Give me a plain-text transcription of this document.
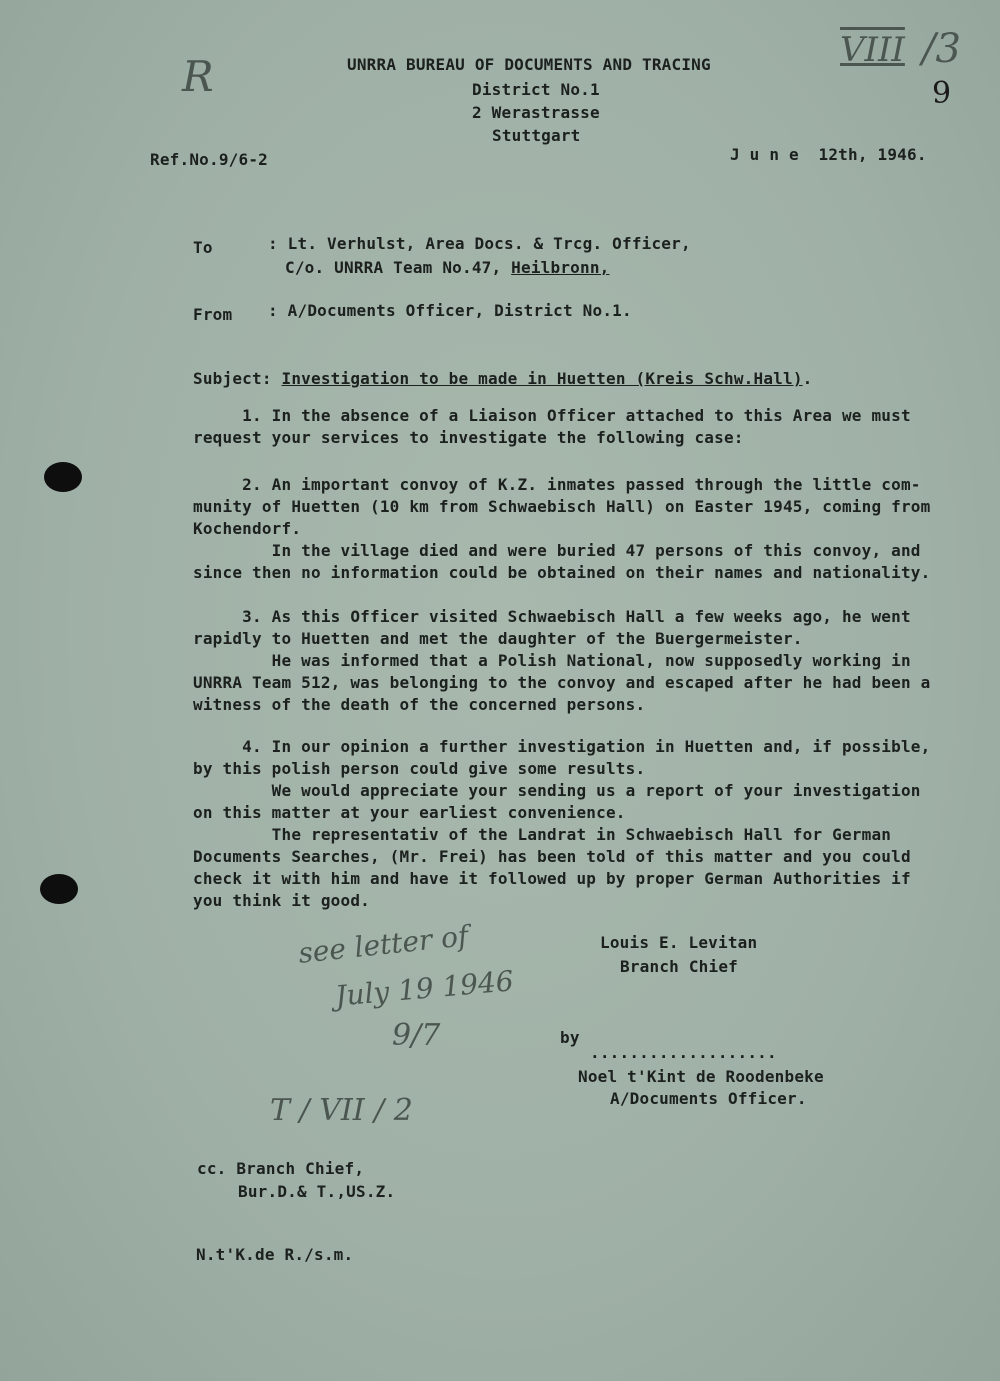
R
VIII /3
9
UNRRA BUREAU OF DOCUMENTS AND TRACING
District No.1
2 Werastrasse
Stuttgart
Ref.No.9/6-2	J u n e  12th, 1946.
To	: Lt. Verhulst, Area Docs. & Trcg. Officer,
C/o. UNRRA Team No.47, Heilbronn,
From : A/Documents Officer, District No.1.
Subject: Investigation to be made in Huetten (Kreis Schw.Hall).
1. In the absence of a Liaison Officer attached to this Area we must
request your services to investigate the following case:
2. An important convoy of K.Z. inmates passed through the little com-
munity of Huetten (10 km from Schwaebisch Hall) on Easter 1945, coming from
Kochendorf.
In the village died and were buried 47 persons of this convoy, and
since then no information could be obtained on their names and nationality.
3. As this Officer visited Schwaebisch Hall a few weeks ago, he went
rapidly to Huetten and met the daughter of the Buergermeister.
He was informed that a Polish National, now supposedly working in
UNRRA Team 512, was belonging to the convoy and escaped after he had been a
witness of the death of the concerned persons.
4. In our opinion a further investigation in Huetten and, if possible,
by this polish person could give some results.
We would appreciate your sending us a report of your investigation
on this matter at your earliest convenience.
The representativ of the Landrat in Schwaebisch Hall for German
Documents Searches, (Mr. Frei) has been told of this matter and you could
check it with him and have it followed up by proper German Authorities if
you think it good.
Louis E. Levitan
Branch Chief
see letter of
July 19 1946
9/7	by
...................
Noel t'Kint de Roodenbeke
A/Documents Officer.
T / VII / 2
cc. Branch Chief,
Bur.D.& T.,US.Z.
N.t'K.de R./s.m.
